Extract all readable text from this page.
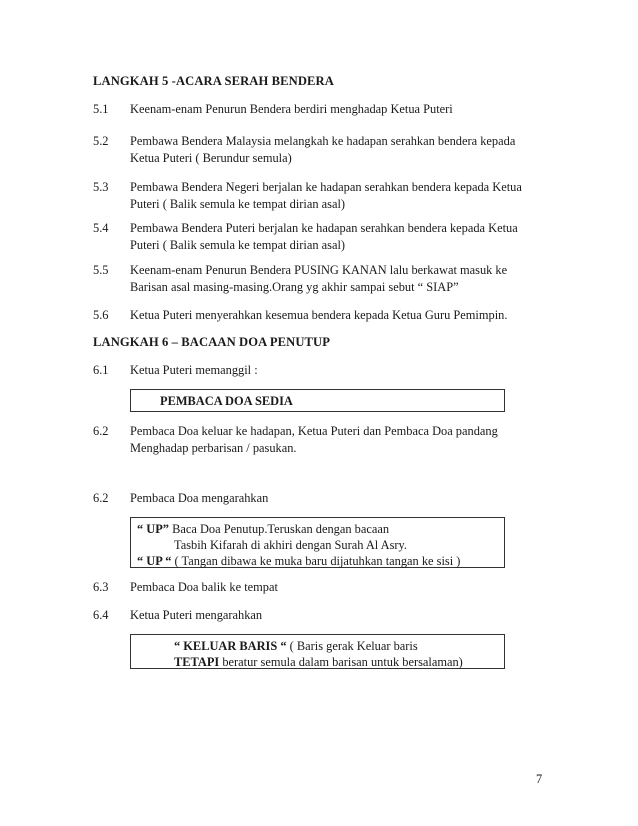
LANGKAH 5 -ACARA SERAH BENDERA
5.1	Keenam-enam Penurun Bendera berdiri menghadap Ketua Puteri
5.2	Pembawa Bendera Malaysia melangkah ke hadapan serahkan bendera kepada
Ketua Puteri ( Berundur semula)
5.3	Pembawa Bendera Negeri berjalan ke hadapan serahkan bendera kepada Ketua
Puteri ( Balik semula ke tempat dirian asal)
5.4	Pembawa Bendera Puteri berjalan ke hadapan serahkan bendera kepada Ketua
Puteri ( Balik semula ke tempat dirian asal)
5.5	Keenam-enam Penurun Bendera PUSING KANAN lalu berkawat masuk ke
Barisan asal masing-masing.Orang yg akhir sampai sebut “ SIAP”
5.6	Ketua Puteri menyerahkan kesemua bendera kepada Ketua Guru Pemimpin.
LANGKAH 6 – BACAAN DOA PENUTUP
6.1	Ketua Puteri memanggil :
PEMBACA DOA SEDIA
6.2	Pembaca Doa keluar ke hadapan, Ketua Puteri dan Pembaca Doa pandang
Menghadap perbarisan / pasukan.
6.2	Pembaca Doa mengarahkan
“ UP” Baca Doa Penutup.Teruskan dengan bacaan
Tasbih Kifarah di akhiri dengan Surah Al Asry.
“ UP “ ( Tangan dibawa ke muka baru dijatuhkan tangan ke sisi )
6.3	Pembaca Doa balik ke tempat
6.4	Ketua Puteri mengarahkan
“ KELUAR BARIS “ ( Baris gerak Keluar baris
TETAPI beratur semula dalam barisan untuk bersalaman)
7
